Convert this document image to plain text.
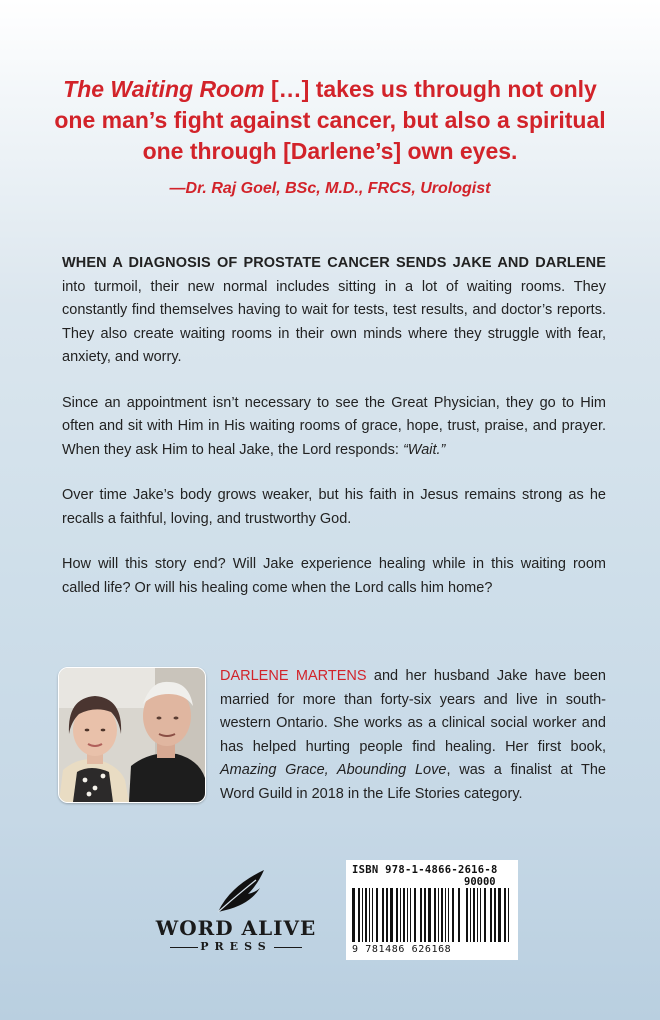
The Waiting Room […] takes us through not only one man’s fight against cancer, but also a spiritual one through [Darlene’s] own eyes.
—Dr. Raj Goel, BSc, M.D., FRCS, Urologist

WHEN A DIAGNOSIS OF PROSTATE CANCER SENDS JAKE AND DARLENE into turmoil, their new normal includes sitting in a lot of waiting rooms. They constantly find themselves having to wait for tests, test results, and doctor’s reports. They also create waiting rooms in their own minds where they struggle with fear, anxiety, and worry.

Since an appointment isn’t necessary to see the Great Physician, they go to Him often and sit with Him in His waiting rooms of grace, hope, trust, praise, and prayer. When they ask Him to heal Jake, the Lord responds: “Wait.”

Over time Jake’s body grows weaker, but his faith in Jesus remains strong as he recalls a faithful, loving, and trustworthy God.

How will this story end? Will Jake experience healing while in this waiting room called life? Or will his healing come when the Lord calls him home?

DARLENE MARTENS and her husband Jake have been married for more than forty-six years and live in south-western Ontario. She works as a clinical social worker and has helped hurting people find healing. Her first book, Amazing Grace, Abounding Love, was a finalist at The Word Guild in 2018 in the Life Stories category.
WORD ALIVE
PRESS
ISBN 978-1-4866-2616-8
90000
9 781486 626168
